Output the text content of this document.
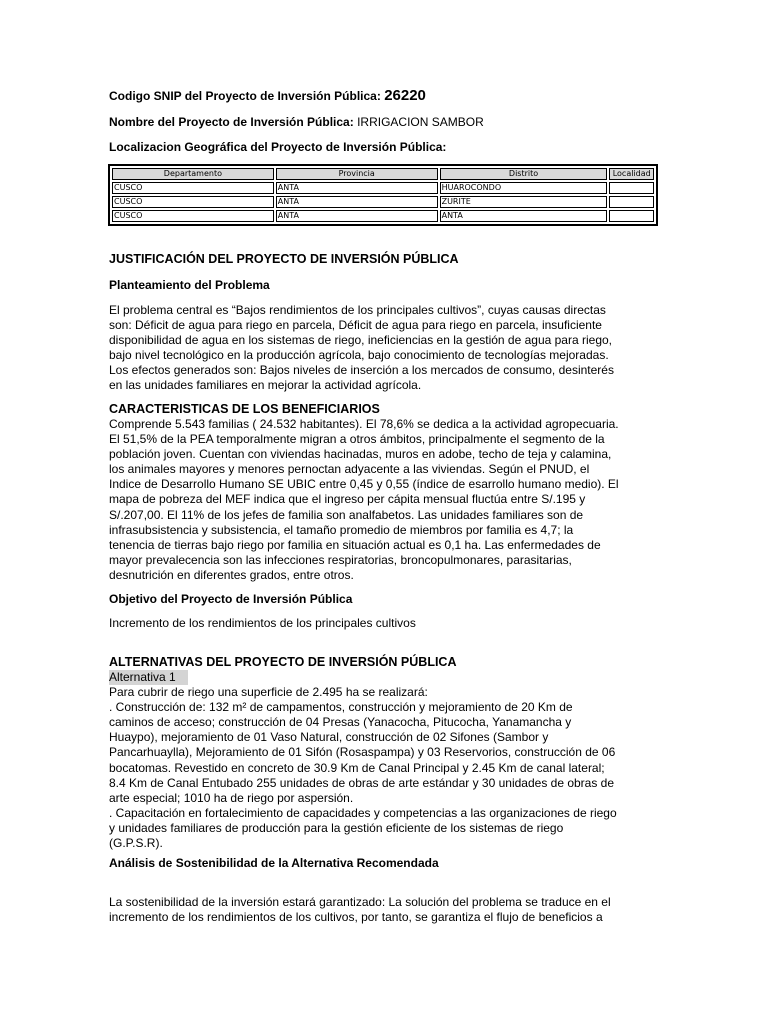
Codigo SNIP del Proyecto de Inversión Pública: 26220
Nombre del Proyecto de Inversión Pública: IRRIGACION SAMBOR
Localizacion Geográfica del Proyecto de Inversión Pública:
Departamento	Provincia	Distrito	Localidad
CUSCO	ANTA	HUAROCONDO	
CUSCO	ANTA	ZURITE	
CUSCO	ANTA	ANTA	
JUSTIFICACIÓN DEL PROYECTO DE INVERSIÓN PÚBLICA
Planteamiento del Problema
El problema central es “Bajos rendimientos de los principales cultivos”, cuyas causas directas
son: Déficit de agua para riego en parcela, Déficit de agua para riego en parcela, insuficiente
disponibilidad de agua en los sistemas de riego, ineficiencias en la gestión de agua para riego,
bajo nivel tecnológico en la producción agrícola, bajo conocimiento de tecnologías mejoradas.
Los efectos generados son: Bajos niveles de inserción a los mercados de consumo, desinterés
en las unidades familiares en mejorar la actividad agrícola.
CARACTERISTICAS DE LOS BENEFICIARIOS
Comprende 5.543 familias ( 24.532 habitantes). El 78,6% se dedica a la actividad agropecuaria.
El 51,5% de la PEA temporalmente migran a otros ámbitos, principalmente el segmento de la
población joven. Cuentan con viviendas hacinadas, muros en adobe, techo de teja y calamina,
los animales mayores y menores pernoctan adyacente a las viviendas. Según el PNUD, el
Indice de Desarrollo Humano SE UBIC entre 0,45 y 0,55 (índice de esarrollo humano medio). El
mapa de pobreza del MEF indica que el ingreso per cápita mensual fluctúa entre S/.195 y
S/.207,00. El 11% de los jefes de familia son analfabetos. Las unidades familiares son de
infrasubsistencia y subsistencia, el tamaño promedio de miembros por familia es 4,7; la
tenencia de tierras bajo riego por familia en situación actual es 0,1 ha. Las enfermedades de
mayor prevalecencia son las infecciones respiratorias, broncopulmonares, parasitarias,
desnutrición en diferentes grados, entre otros.
Objetivo del Proyecto de Inversión Pública
Incremento de los rendimientos de los principales cultivos
ALTERNATIVAS DEL PROYECTO DE INVERSIÓN PÚBLICA
Alternativa 1
Para cubrir de riego una superficie de 2.495 ha se realizará:
. Construcción de: 132 m² de campamentos, construcción y mejoramiento de 20 Km de
caminos de acceso; construcción de 04 Presas (Yanacocha, Pitucocha, Yanamancha y
Huaypo), mejoramiento de 01 Vaso Natural, construcción de 02 Sifones (Sambor y
Pancarhuaylla), Mejoramiento de 01 Sifón (Rosaspampa) y 03 Reservorios, construcción de 06
bocatomas. Revestido en concreto de 30.9 Km de Canal Principal y 2.45 Km de canal lateral;
8.4 Km de Canal Entubado 255 unidades de obras de arte estándar y 30 unidades de obras de
arte especial; 1010 ha de riego por aspersión.
. Capacitación en fortalecimiento de capacidades y competencias a las organizaciones de riego
y unidades familiares de producción para la gestión eficiente de los sistemas de riego
(G.P.S.R).
Análisis de Sostenibilidad de la Alternativa Recomendada
La sostenibilidad de la inversión estará garantizado: La solución del problema se traduce en el
incremento de los rendimientos de los cultivos, por tanto, se garantiza el flujo de beneficios a
